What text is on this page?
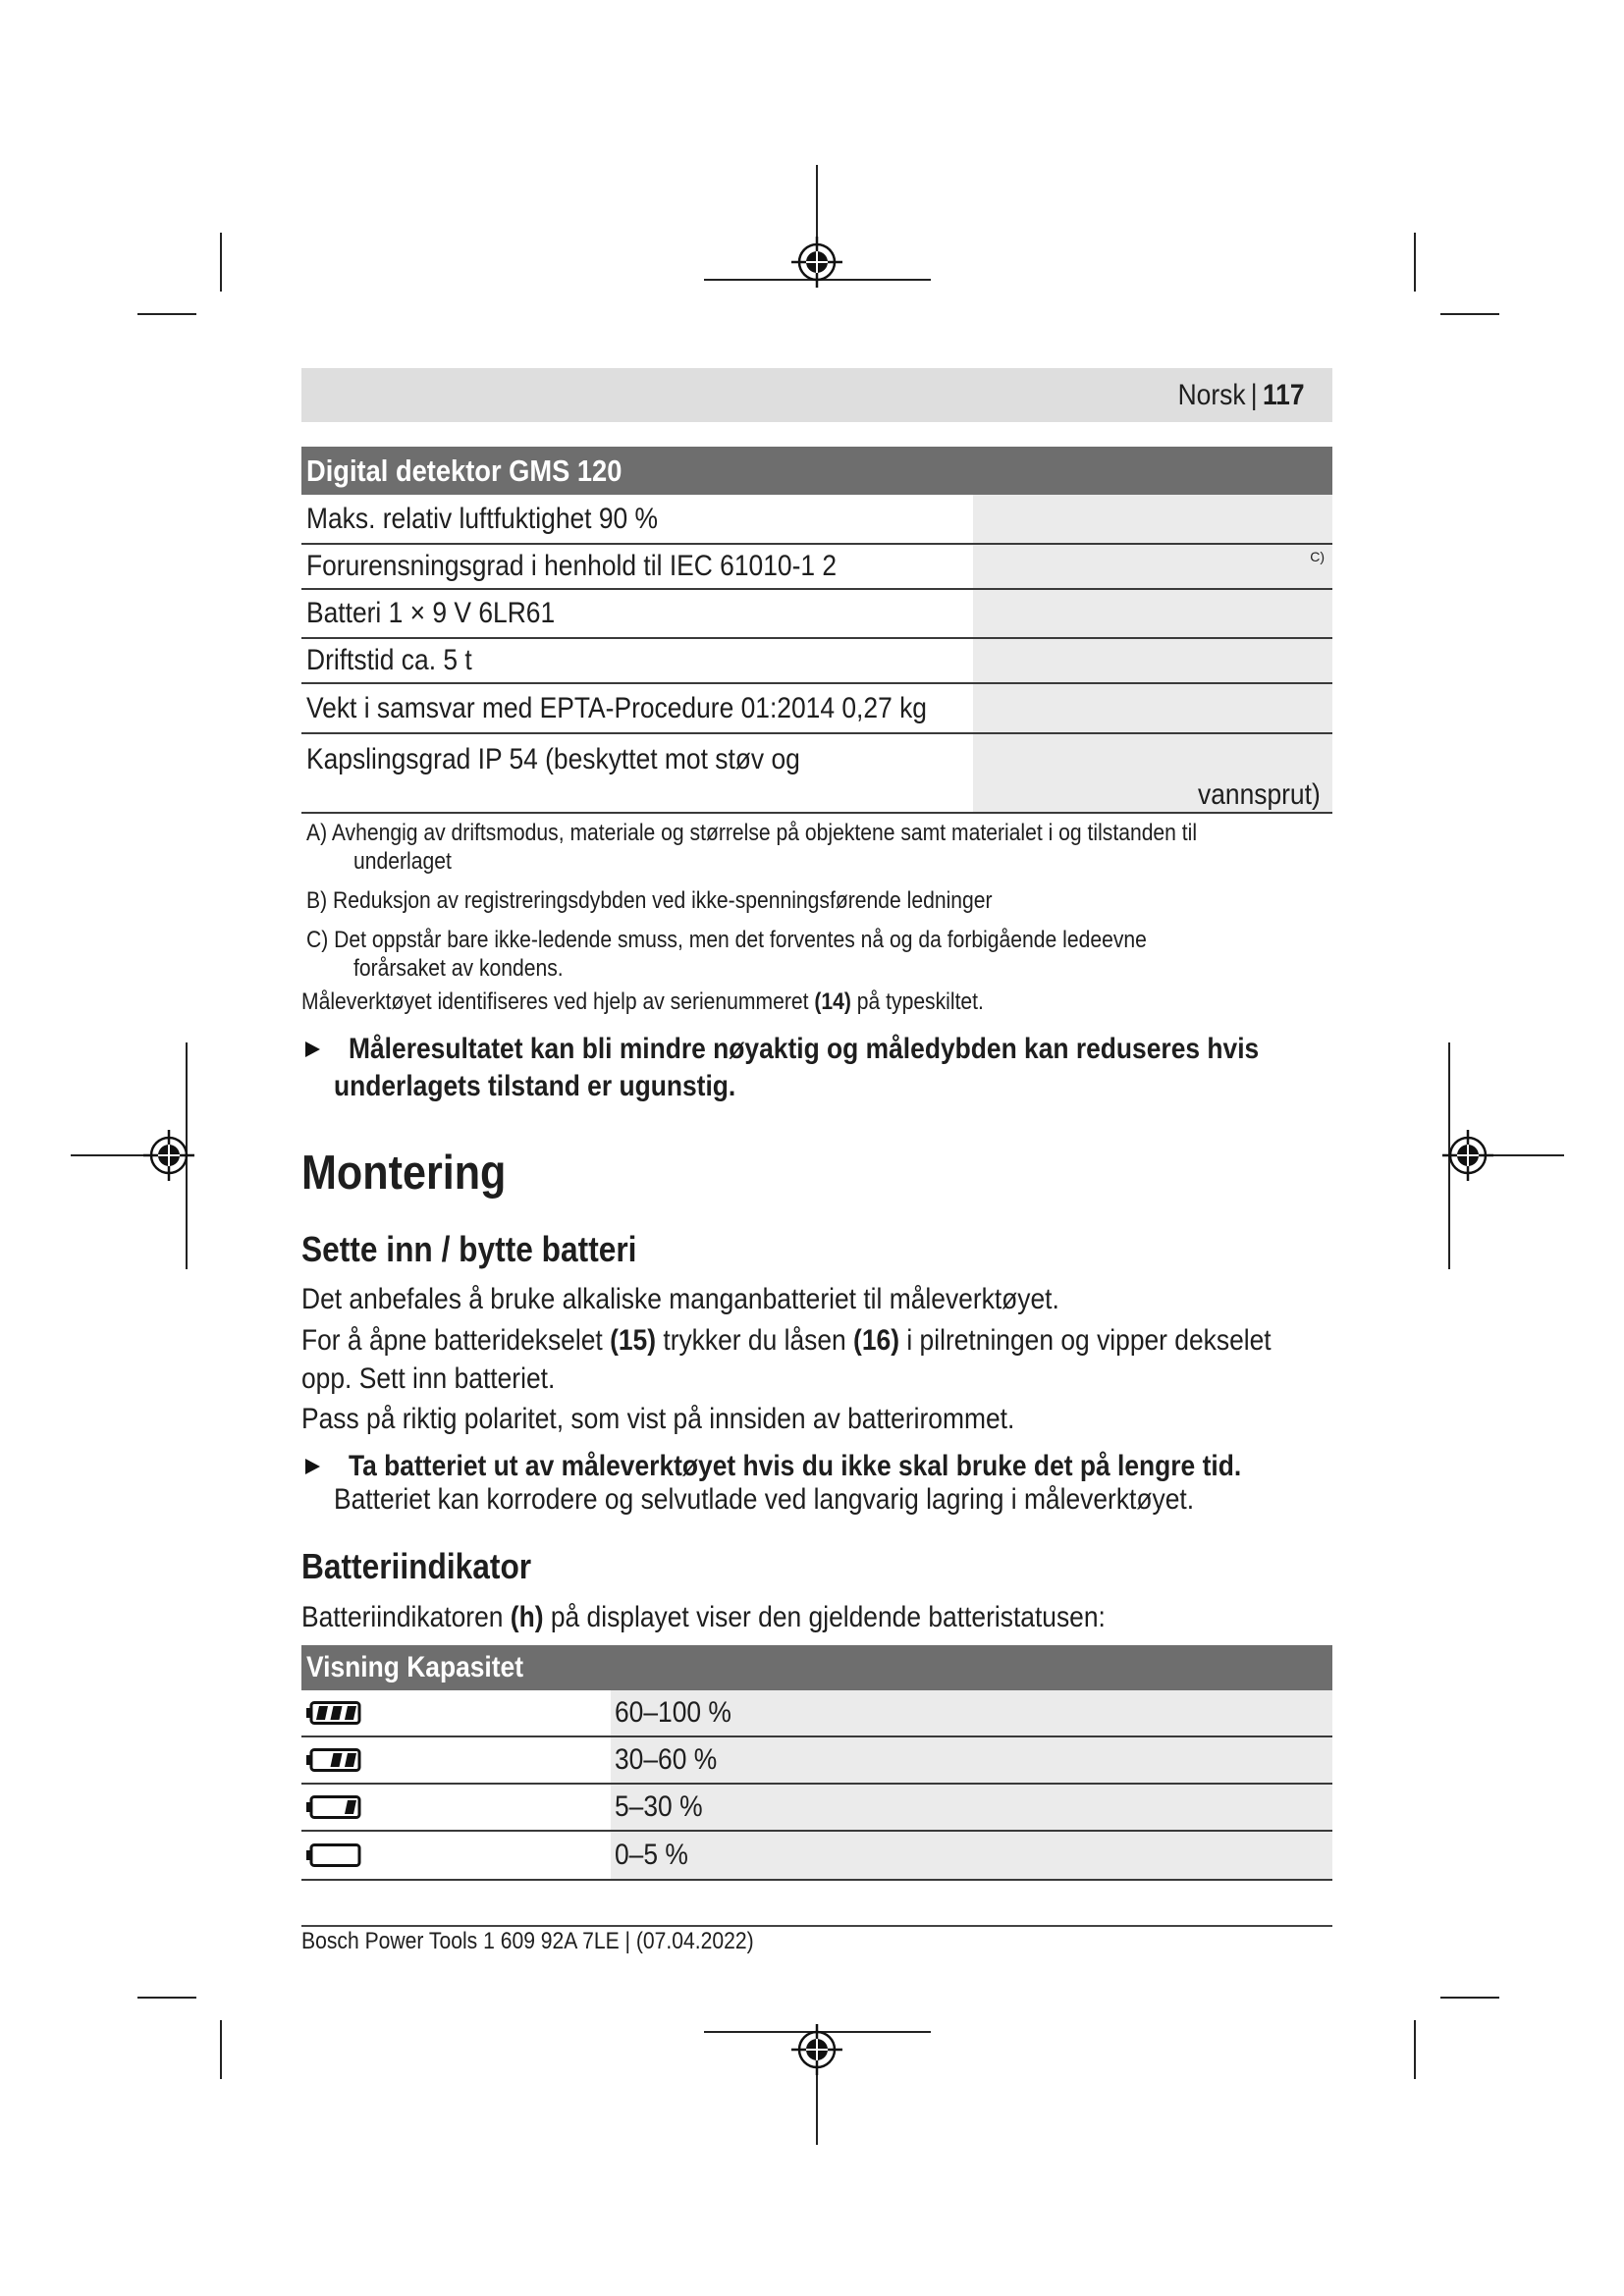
Norsk | 117
Digital detektor GMS 120
Maks. relativ luftfuktighet 90 %
C)
Forurensningsgrad i henhold til IEC 61010-1 2
Batteri 1 × 9 V 6LR61
Driftstid ca. 5 t
Vekt i samsvar med EPTA-Procedure 01:2014 0,27 kg
Kapslingsgrad IP 54 (beskyttet mot støv og
vannsprut)
A) Avhengig av driftsmodus, materiale og størrelse på objektene samt materialet i og tilstanden til
underlaget
B) Reduksjon av registreringsdybden ved ikke-spenningsførende ledninger
C) Det oppstår bare ikke-ledende smuss, men det forventes nå og da forbigående ledeevne
forårsaket av kondens.
Måleverktøyet identifiseres ved hjelp av serienummeret (14) på typeskiltet.
Måleresultatet kan bli mindre nøyaktig og måledybden kan reduseres hvis
underlagets tilstand er ugunstig.
Montering
Sette inn / bytte batteri
Det anbefales å bruke alkaliske manganbatteriet til måleverktøyet.
For å åpne batteridekselet (15) trykker du låsen (16) i pilretningen og vipper dekselet
opp. Sett inn batteriet.
Pass på riktig polaritet, som vist på innsiden av batterirommet.
Ta batteriet ut av måleverktøyet hvis du ikke skal bruke det på lengre tid.
Batteriet kan korrodere og selvutlade ved langvarig lagring i måleverktøyet.
Batteriindikator
Batteriindikatoren (h) på displayet viser den gjeldende batteristatusen:
Visning Kapasitet
60–100 %
30–60 %
5–30 %
0–5 %
Bosch Power Tools 1 609 92A 7LE | (07.04.2022)
